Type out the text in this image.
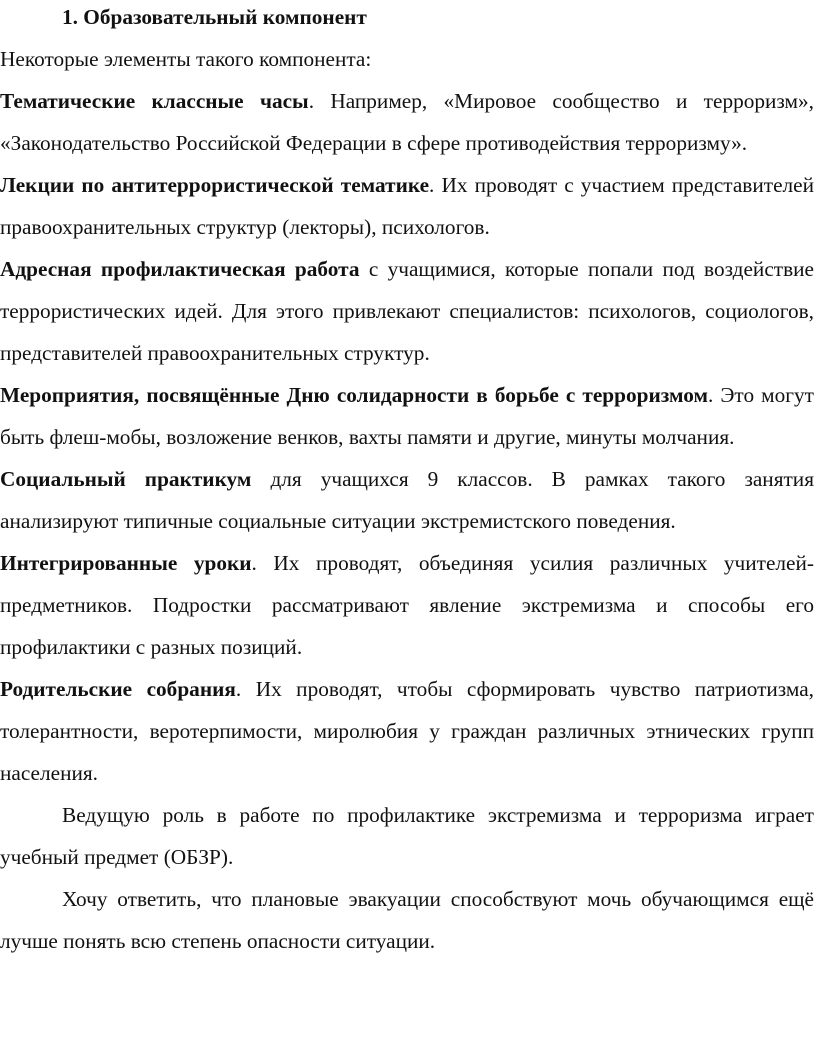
1. Образовательный компонент

Некоторые элементы такого компонента:

Тематические классные часы. Например, «Мировое сообщество и терроризм», «Законодательство Российской Федерации в сфере противодействия терроризму».

Лекции по антитеррористической тематике. Их проводят с участием представителей правоохранительных структур (лекторы), психологов.

Адресная профилактическая работа с учащимися, которые попали под воздействие террористических идей. Для этого привлекают специалистов: психологов, социологов, представителей правоохранительных структур.

Мероприятия, посвящённые Дню солидарности в борьбе с терроризмом. Это могут быть флеш-мобы, возложение венков, вахты памяти и другие, минуты молчания.

Социальный практикум для учащихся 9 классов. В рамках такого занятия анализируют типичные социальные ситуации экстремистского поведения.

Интегрированные уроки. Их проводят, объединяя усилия различных учителей-предметников. Подростки рассматривают явление экстремизма и способы его профилактики с разных позиций.

Родительские собрания. Их проводят, чтобы сформировать чувство патриотизма, толерантности, веротерпимости, миролюбия у граждан различных этнических групп населения.

Ведущую роль в работе по профилактике экстремизма и терроризма играет учебный предмет (ОБЗР).

Хочу ответить, что плановые эвакуации способствуют мочь обучающимся ещё лучше понять всю степень опасности ситуации.
